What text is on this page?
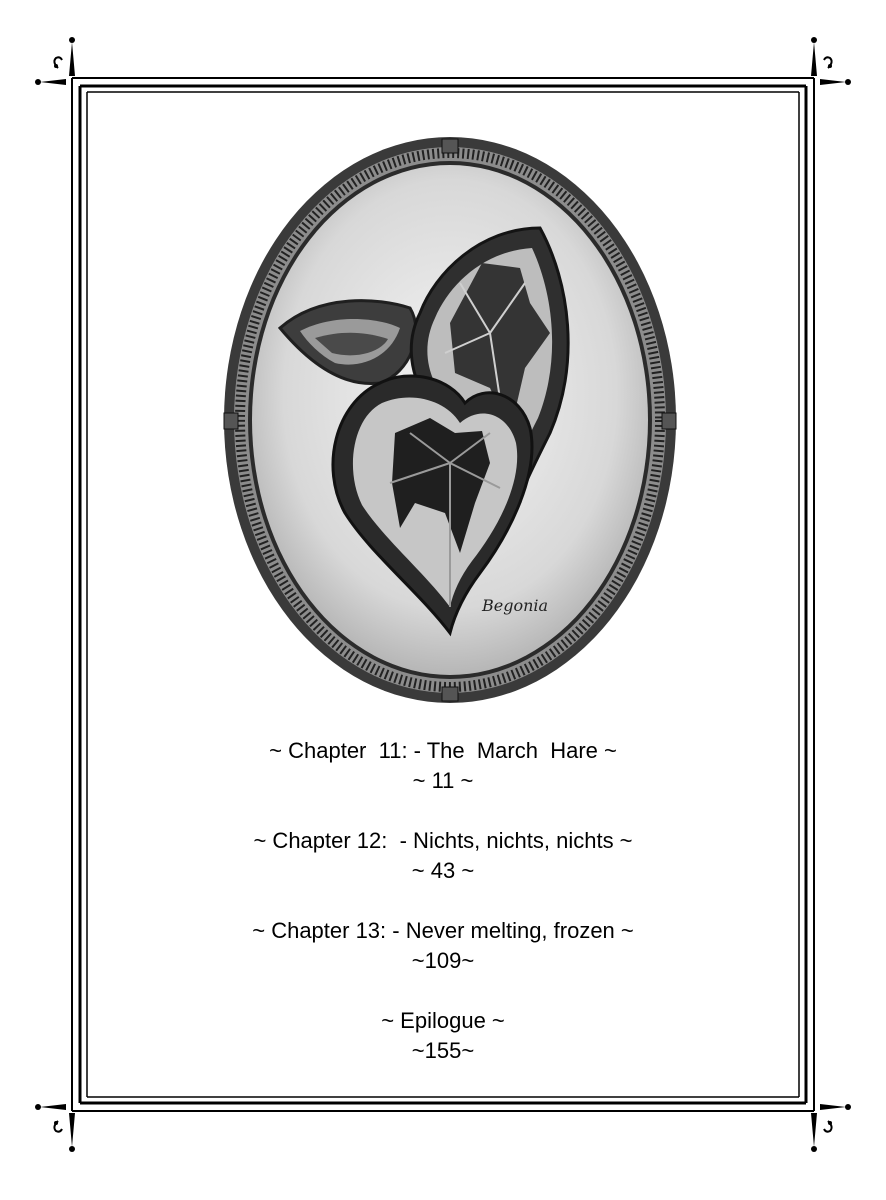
Begonia
~ Chapter  11: - The  March  Hare ~
~ 11 ~
~ Chapter 12:  - Nichts, nichts, nichts ~
~ 43 ~
~ Chapter 13: - Never melting, frozen ~
~109~
~ Epilogue ~
~155~
